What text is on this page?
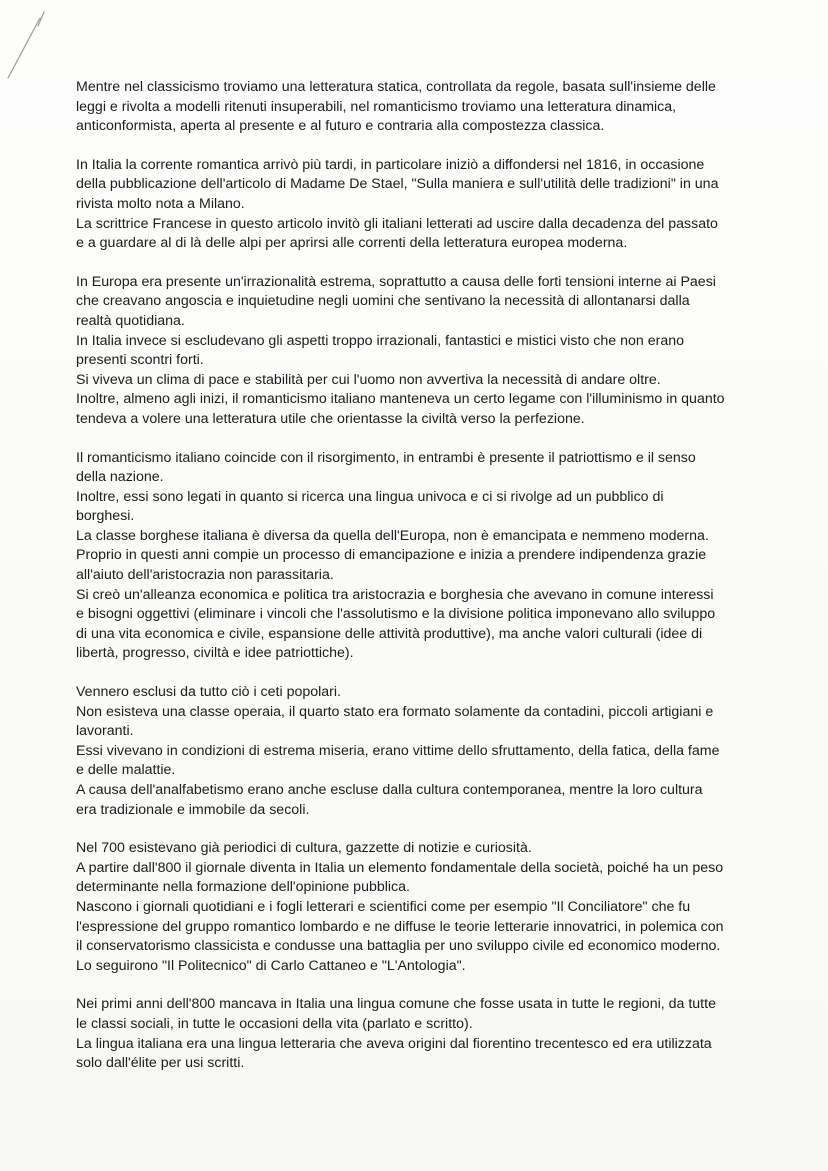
Mentre nel classicismo troviamo una letteratura statica, controllata da regole, basata sull'insieme delle
leggi e rivolta a modelli ritenuti insuperabili, nel romanticismo troviamo una letteratura dinamica,
anticonformista, aperta al presente e al futuro e contraria alla compostezza classica.

In Italia la corrente romantica arrivò più tardi, in particolare iniziò a diffondersi nel 1816, in occasione
della pubblicazione dell'articolo di Madame De Stael, "Sulla maniera e sull'utilità delle tradizioni" in una
rivista molto nota a Milano.
La scrittrice Francese in questo articolo invitò gli italiani letterati ad uscire dalla decadenza del passato
e a guardare al di là delle alpi per aprirsi alle correnti della letteratura europea moderna.

In Europa era presente un'irrazionalità estrema, soprattutto a causa delle forti tensioni interne ai Paesi
che creavano angoscia e inquietudine negli uomini che sentivano la necessità di allontanarsi dalla
realtà quotidiana.
In Italia invece si escludevano gli aspetti troppo irrazionali, fantastici e mistici visto che non erano
presenti scontri forti.
Si viveva un clima di pace e stabilità per cui l'uomo non avvertiva la necessità di andare oltre.
Inoltre, almeno agli inizi, il romanticismo italiano manteneva un certo legame con l'illuminismo in quanto
tendeva a volere una letteratura utile che orientasse la civiltà verso la perfezione.

Il romanticismo italiano coincide con il risorgimento, in entrambi è presente il patriottismo e il senso
della nazione.
Inoltre, essi sono legati in quanto si ricerca una lingua univoca e ci si rivolge ad un pubblico di
borghesi.
La classe borghese italiana è diversa da quella dell'Europa, non è emancipata e nemmeno moderna.
Proprio in questi anni compie un processo di emancipazione e inizia a prendere indipendenza grazie
all'aiuto dell'aristocrazia non parassitaria.
Si creò un'alleanza economica e politica tra aristocrazia e borghesia che avevano in comune interessi
e bisogni oggettivi (eliminare i vincoli che l'assolutismo e la divisione politica imponevano allo sviluppo
di una vita economica e civile, espansione delle attività produttive), ma anche valori culturali (idee di
libertà, progresso, civiltà e idee patriottiche).

Vennero esclusi da tutto ciò i ceti popolari.
Non esisteva una classe operaia, il quarto stato era formato solamente da contadini, piccoli artigiani e
lavoranti.
Essi vivevano in condizioni di estrema miseria, erano vittime dello sfruttamento, della fatica, della fame
e delle malattie.
A causa dell'analfabetismo erano anche escluse dalla cultura contemporanea, mentre la loro cultura
era tradizionale e immobile da secoli.

Nel 700 esistevano già periodici di cultura, gazzette di notizie e curiosità.
A partire dall'800 il giornale diventa in Italia un elemento fondamentale della società, poiché ha un peso
determinante nella formazione dell'opinione pubblica.
Nascono i giornali quotidiani e i fogli letterari e scientifici come per esempio "Il Conciliatore" che fu
l'espressione del gruppo romantico lombardo e ne diffuse le teorie letterarie innovatrici, in polemica con
il conservatorismo classicista e condusse una battaglia per uno sviluppo civile ed economico moderno.
Lo seguirono "Il Politecnico" di Carlo Cattaneo e "L'Antologia".

Nei primi anni dell'800 mancava in Italia una lingua comune che fosse usata in tutte le regioni, da tutte
le classi sociali, in tutte le occasioni della vita (parlato e scritto).
La lingua italiana era una lingua letteraria che aveva origini dal fiorentino trecentesco ed era utilizzata
solo dall'élite per usi scritti.
